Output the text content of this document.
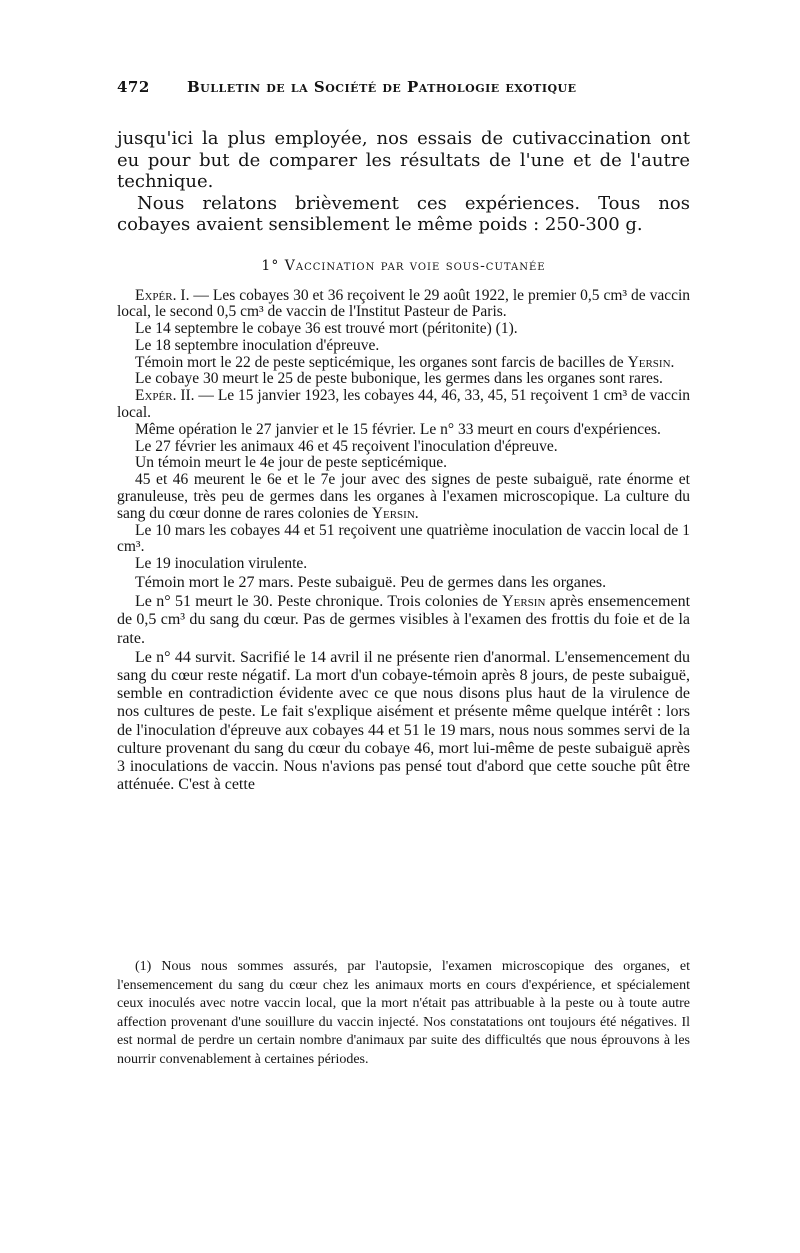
472	Bulletin de la Société de Pathologie exotique

jusqu'ici la plus employée, nos essais de cutivaccination ont eu pour but de comparer les résultats de l'une et de l'autre technique.

Nous relatons brièvement ces expériences. Tous nos cobayes avaient sensiblement le même poids : 250-300 g.

1° Vaccination par voie sous-cutanée

Expér. I. — Les cobayes 30 et 36 reçoivent le 29 août 1922, le premier 0,5 cm³ de vaccin local, le second 0,5 cm³ de vaccin de l'Institut Pasteur de Paris.

Le 14 septembre le cobaye 36 est trouvé mort (péritonite) (1).

Le 18 septembre inoculation d'épreuve.

Témoin mort le 22 de peste septicémique, les organes sont farcis de bacilles de Yersin.

Le cobaye 30 meurt le 25 de peste bubonique, les germes dans les organes sont rares.

Expér. II. — Le 15 janvier 1923, les cobayes 44, 46, 33, 45, 51 reçoivent 1 cm³ de vaccin local.

Même opération le 27 janvier et le 15 février. Le n° 33 meurt en cours d'expériences.

Le 27 février les animaux 46 et 45 reçoivent l'inoculation d'épreuve.

Un témoin meurt le 4e jour de peste septicémique.

45 et 46 meurent le 6e et le 7e jour avec des signes de peste subaiguë, rate énorme et granuleuse, très peu de germes dans les organes à l'examen microscopique. La culture du sang du cœur donne de rares colonies de Yersin.

Le 10 mars les cobayes 44 et 51 reçoivent une quatrième inoculation de vaccin local de 1 cm³.

Le 19 inoculation virulente.

Témoin mort le 27 mars. Peste subaiguë. Peu de germes dans les organes.

Le n° 51 meurt le 30. Peste chronique. Trois colonies de Yersin après ensemencement de 0,5 cm³ du sang du cœur. Pas de germes visibles à l'examen des frottis du foie et de la rate.

Le n° 44 survit. Sacrifié le 14 avril il ne présente rien d'anormal. L'ensemencement du sang du cœur reste négatif. La mort d'un cobaye-témoin après 8 jours, de peste subaiguë, semble en contradiction évidente avec ce que nous disons plus haut de la virulence de nos cultures de peste. Le fait s'explique aisément et présente même quelque intérêt : lors de l'inoculation d'épreuve aux cobayes 44 et 51 le 19 mars, nous nous sommes servi de la culture provenant du sang du cœur du cobaye 46, mort lui-même de peste subaiguë après 3 inoculations de vaccin. Nous n'avions pas pensé tout d'abord que cette souche pût être atténuée. C'est à cette

(1) Nous nous sommes assurés, par l'autopsie, l'examen microscopique des organes, et l'ensemencement du sang du cœur chez les animaux morts en cours d'expérience, et spécialement ceux inoculés avec notre vaccin local, que la mort n'était pas attribuable à la peste ou à toute autre affection provenant d'une souillure du vaccin injecté. Nos constatations ont toujours été négatives. Il est normal de perdre un certain nombre d'animaux par suite des difficultés que nous éprouvons à les nourrir convenablement à certaines périodes.
